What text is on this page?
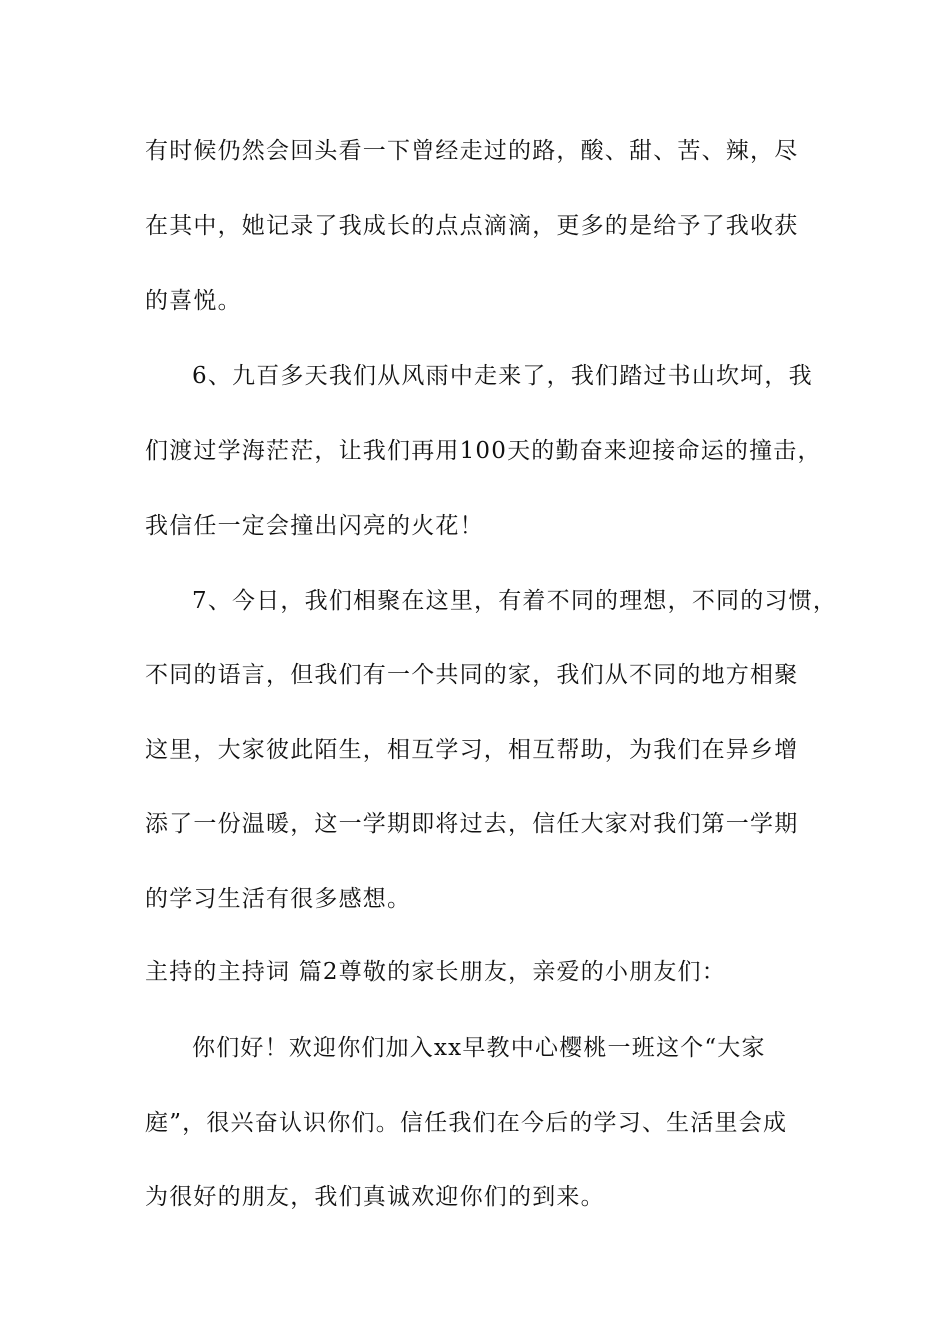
有时候仍然会回头看一下曾经走过的路，酸、甜、苦、辣，尽
在其中，她记录了我成长的点点滴滴，更多的是给予了我收获
的喜悦。
6、九百多天我们从风雨中走来了，我们踏过书山坎坷，我
们渡过学海茫茫，让我们再用100天的勤奋来迎接命运的撞击，
我信任一定会撞出闪亮的火花！
7、今日，我们相聚在这里，有着不同的理想，不同的习惯，
不同的语言，但我们有一个共同的家，我们从不同的地方相聚
这里，大家彼此陌生，相互学习，相互帮助，为我们在异乡增
添了一份温暖，这一学期即将过去，信任大家对我们第一学期
的学习生活有很多感想。
主持的主持词 篇2尊敬的家长朋友，亲爱的小朋友们：
你们好！欢迎你们加入xx早教中心樱桃一班这个“大家
庭”，很兴奋认识你们。信任我们在今后的学习、生活里会成
为很好的朋友，我们真诚欢迎你们的到来。
